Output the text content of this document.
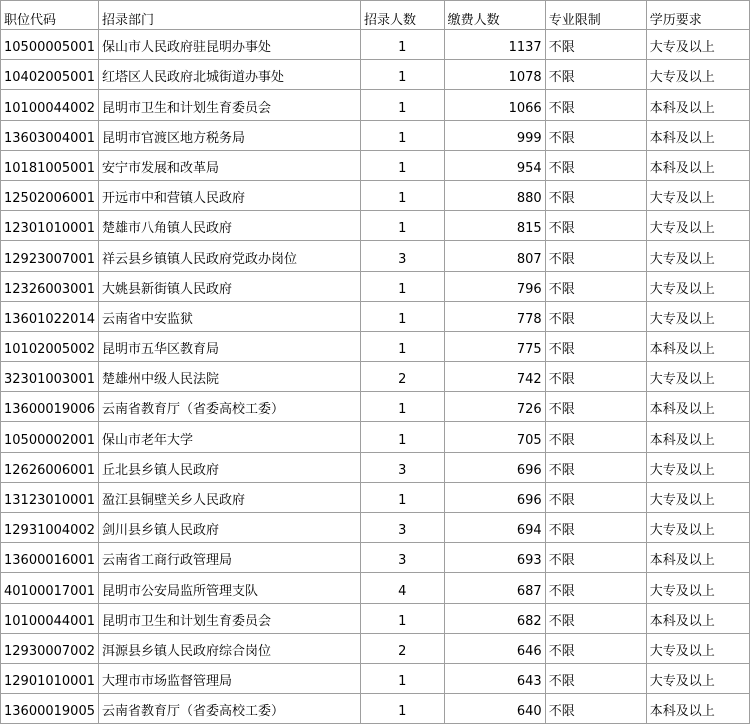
职位代码	招录部门	招录人数	缴费人数	专业限制	学历要求
10500005001	保山市人民政府驻昆明办事处	1	1137	不限	大专及以上
10402005001	红塔区人民政府北城街道办事处	1	1078	不限	大专及以上
10100044002	昆明市卫生和计划生育委员会	1	1066	不限	本科及以上
13603004001	昆明市官渡区地方税务局	1	999	不限	本科及以上
10181005001	安宁市发展和改革局	1	954	不限	本科及以上
12502006001	开远市中和营镇人民政府	1	880	不限	大专及以上
12301010001	楚雄市八角镇人民政府	1	815	不限	大专及以上
12923007001	祥云县乡镇镇人民政府党政办岗位	3	807	不限	大专及以上
12326003001	大姚县新街镇人民政府	1	796	不限	大专及以上
13601022014	云南省中安监狱	1	778	不限	大专及以上
10102005002	昆明市五华区教育局	1	775	不限	本科及以上
32301003001	楚雄州中级人民法院	2	742	不限	大专及以上
13600019006	云南省教育厅（省委高校工委）	1	726	不限	本科及以上
10500002001	保山市老年大学	1	705	不限	本科及以上
12626006001	丘北县乡镇人民政府	3	696	不限	大专及以上
13123010001	盈江县铜壁关乡人民政府	1	696	不限	大专及以上
12931004002	剑川县乡镇人民政府	3	694	不限	大专及以上
13600016001	云南省工商行政管理局	3	693	不限	本科及以上
40100017001	昆明市公安局监所管理支队	4	687	不限	大专及以上
10100044001	昆明市卫生和计划生育委员会	1	682	不限	本科及以上
12930007002	洱源县乡镇人民政府综合岗位	2	646	不限	大专及以上
12901010001	大理市市场监督管理局	1	643	不限	大专及以上
13600019005	云南省教育厅（省委高校工委）	1	640	不限	本科及以上
